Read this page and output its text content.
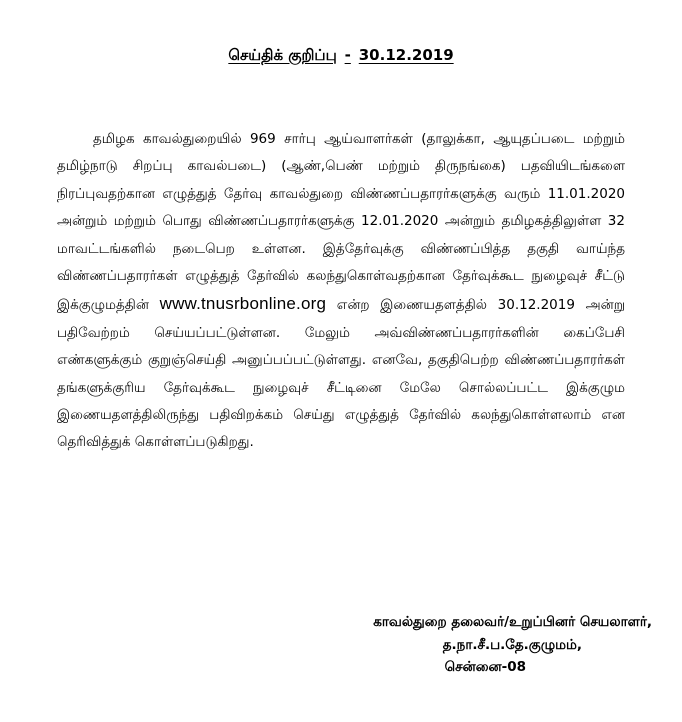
செய்திக் குறிப்பு - 30.12.2019
தமிழக காவல்துறையில் 969 சார்பு ஆய்வாளர்கள் (தாலுக்கா, ஆயுதப்படை மற்றும் தமிழ்நாடு சிறப்பு காவல்படை) (ஆண்,பெண் மற்றும் திருநங்கை) பதவியிடங்களை நிரப்புவதற்கான எழுத்துத் தேர்வு காவல்துறை விண்ணப்பதாரர்களுக்கு வரும் 11.01.2020 அன்றும் மற்றும் பொது விண்ணப்பதாரர்களுக்கு 12.01.2020 அன்றும் தமிழகத்திலுள்ள 32 மாவட்டங்களில் நடைபெற உள்ளன. இத்தேர்வுக்கு விண்ணப்பித்த தகுதி வாய்ந்த விண்ணப்பதாரர்கள் எழுத்துத் தேர்வில் கலந்துகொள்வதற்கான தேர்வுக்கூட நுழைவுச் சீட்டு இக்குழுமத்தின் www.tnusrbonline.org என்ற இணையதளத்தில் 30.12.2019 அன்று பதிவேற்றம் செய்யப்பட்டுள்ளன. மேலும் அவ்விண்ணப்பதாரர்களின் கைப்பேசி எண்களுக்கும் குறுஞ்செய்தி அனுப்பப்பட்டுள்ளது. எனவே, தகுதிபெற்ற விண்ணப்பதாரர்கள் தங்களுக்குரிய தேர்வுக்கூட நுழைவுச் சீட்டினை மேலே சொல்லப்பட்ட இக்குழும இணையதளத்திலிருந்து பதிவிறக்கம் செய்து எழுத்துத் தேர்வில் கலந்துகொள்ளலாம் என தெரிவித்துக் கொள்ளப்படுகிறது.
காவல்துறை தலைவர்/உறுப்பினர் செயலாளர்,
த.நா.சீ.ப.தே.குழுமம்,
சென்னை-08
